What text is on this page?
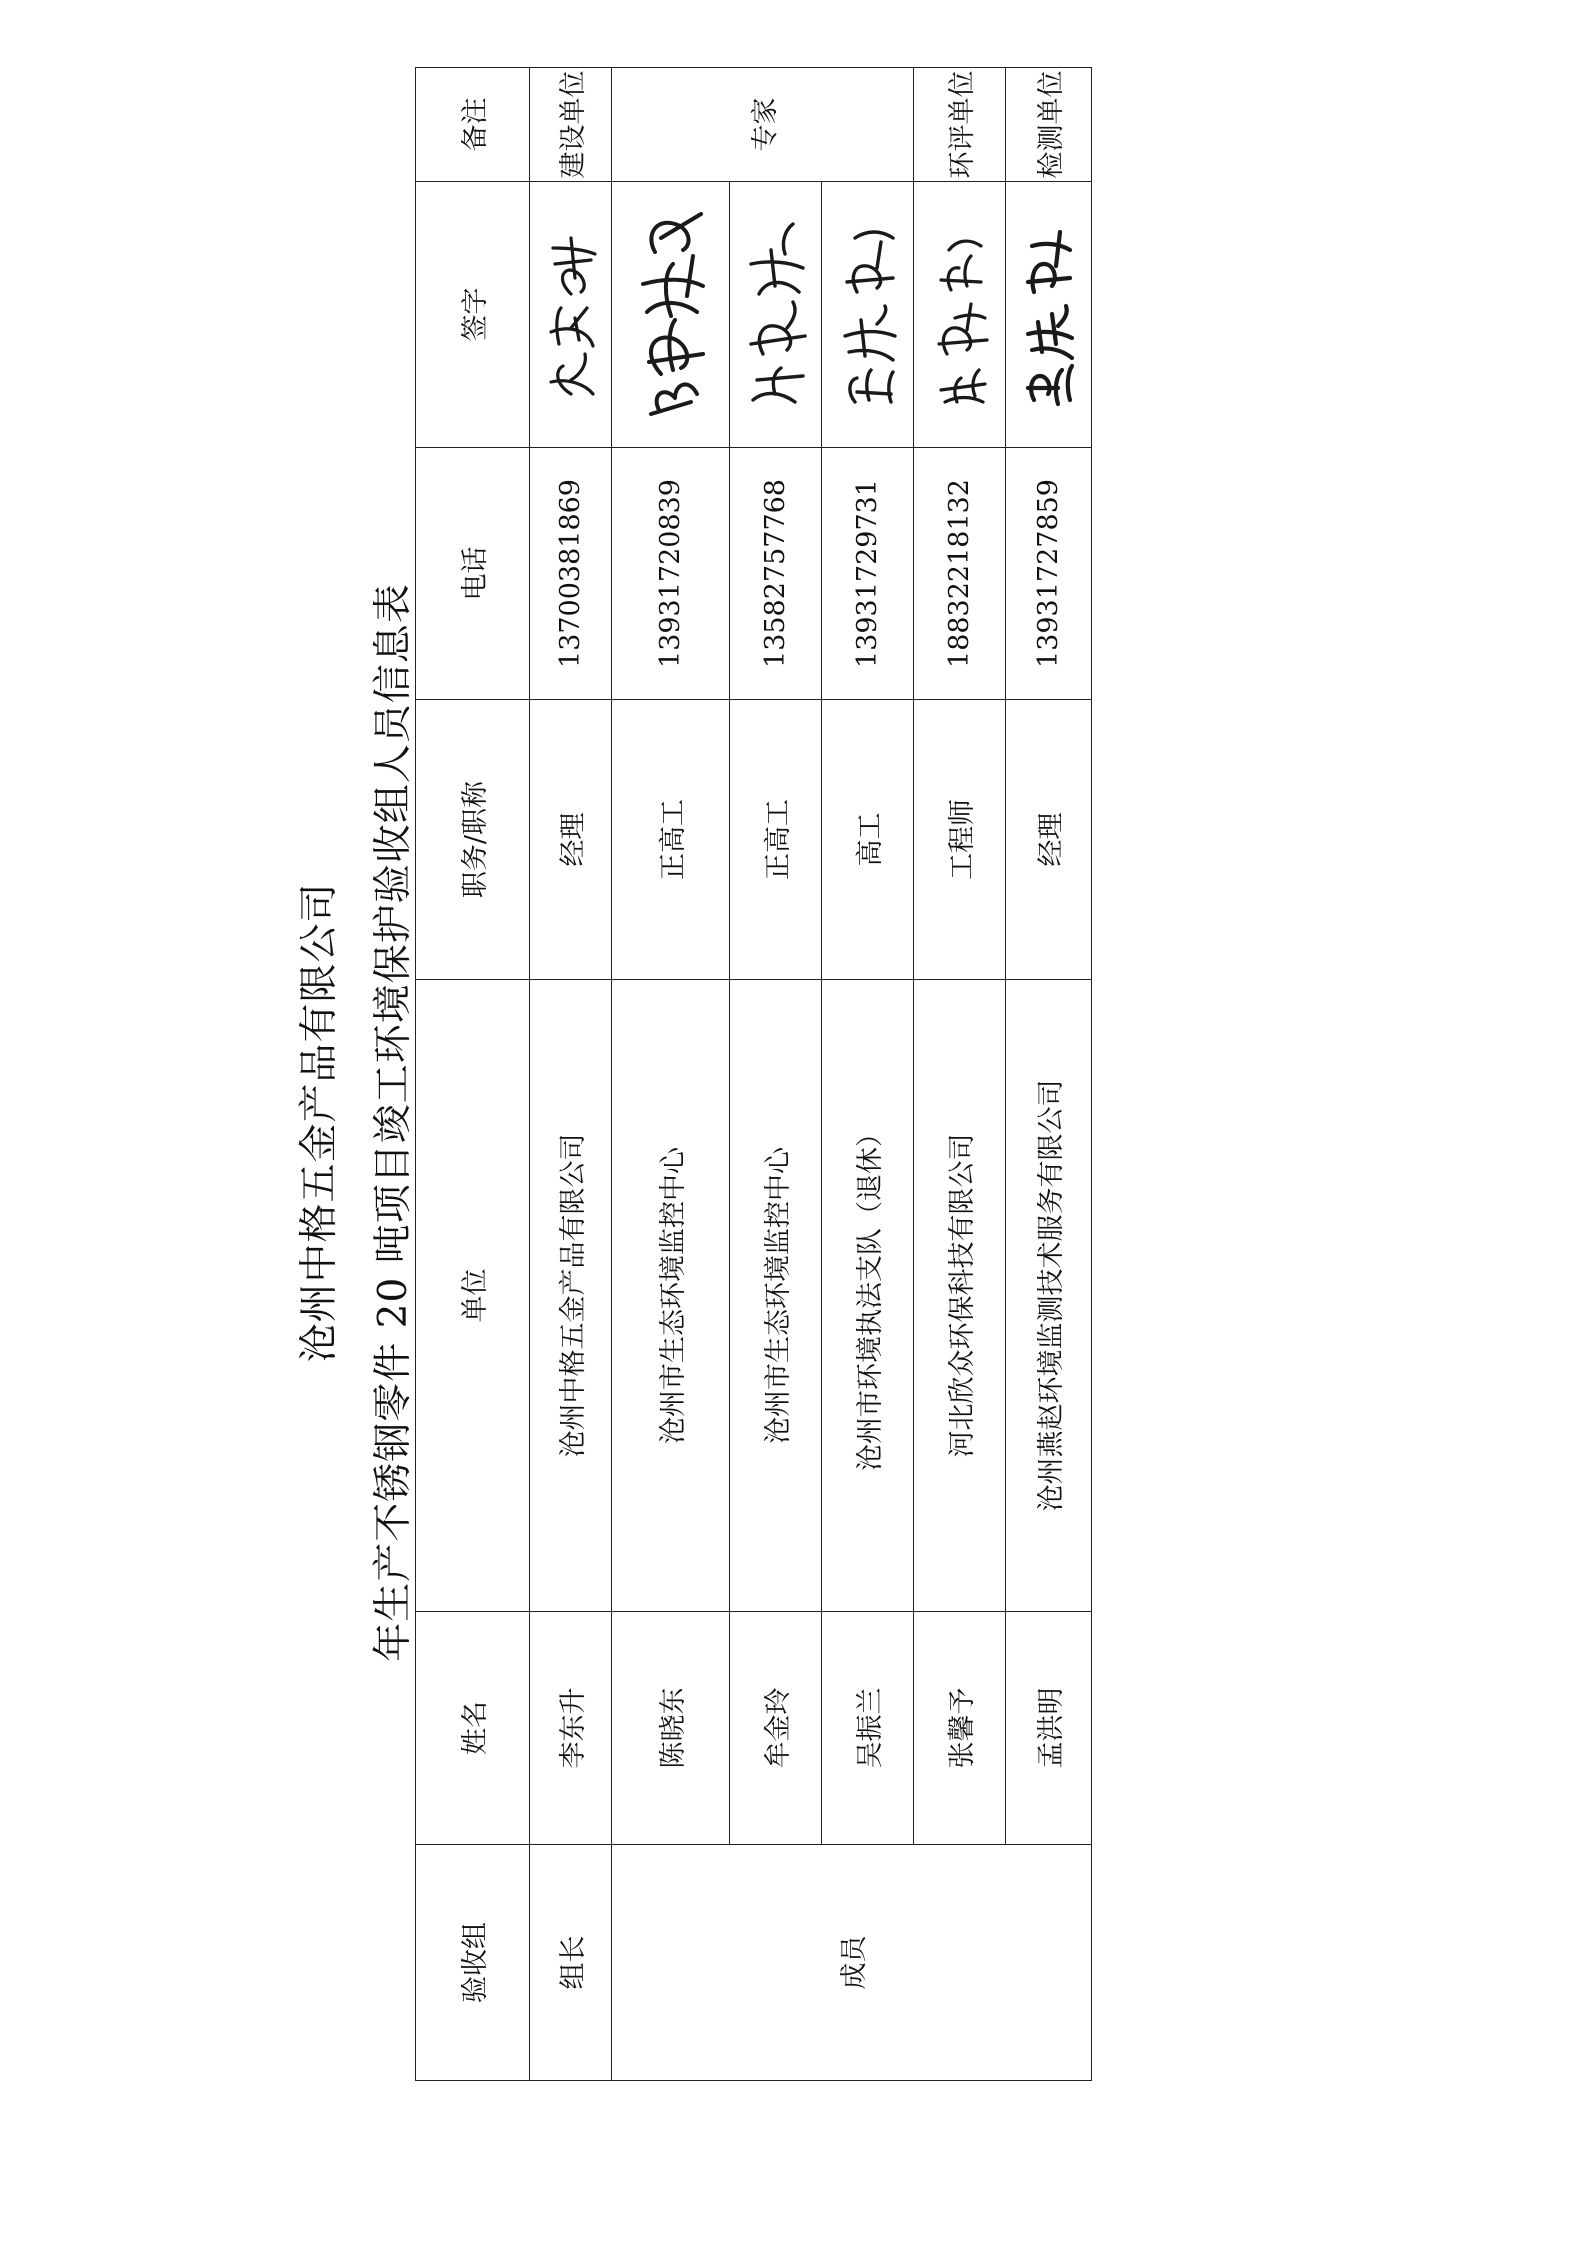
沧州中格五金产品有限公司 年生产不锈钢零件 20 吨项目竣工环境保护验收组人员信息表
验收组	姓名	单位	职务/职称	电话	签字	备注	
组长	李东升	沧州中格五金产品有限公司	经理	13700381869		建设单位	
成员	陈晓东	沧州市生态环境监控中心	正高工	13931720839		专家	
	牟金玲	沧州市生态环境监控中心	正高工	13582757768	

	吴振兰	沧州市环境执法支队（退休）	高工	13931729731	

	张馨予	河北欣众环保科技有限公司	工程师	18832218132		环评单位	
	孟洪明	沧州燕赵环境监测技术服务有限公司	经理	13931727859		检测单位	
